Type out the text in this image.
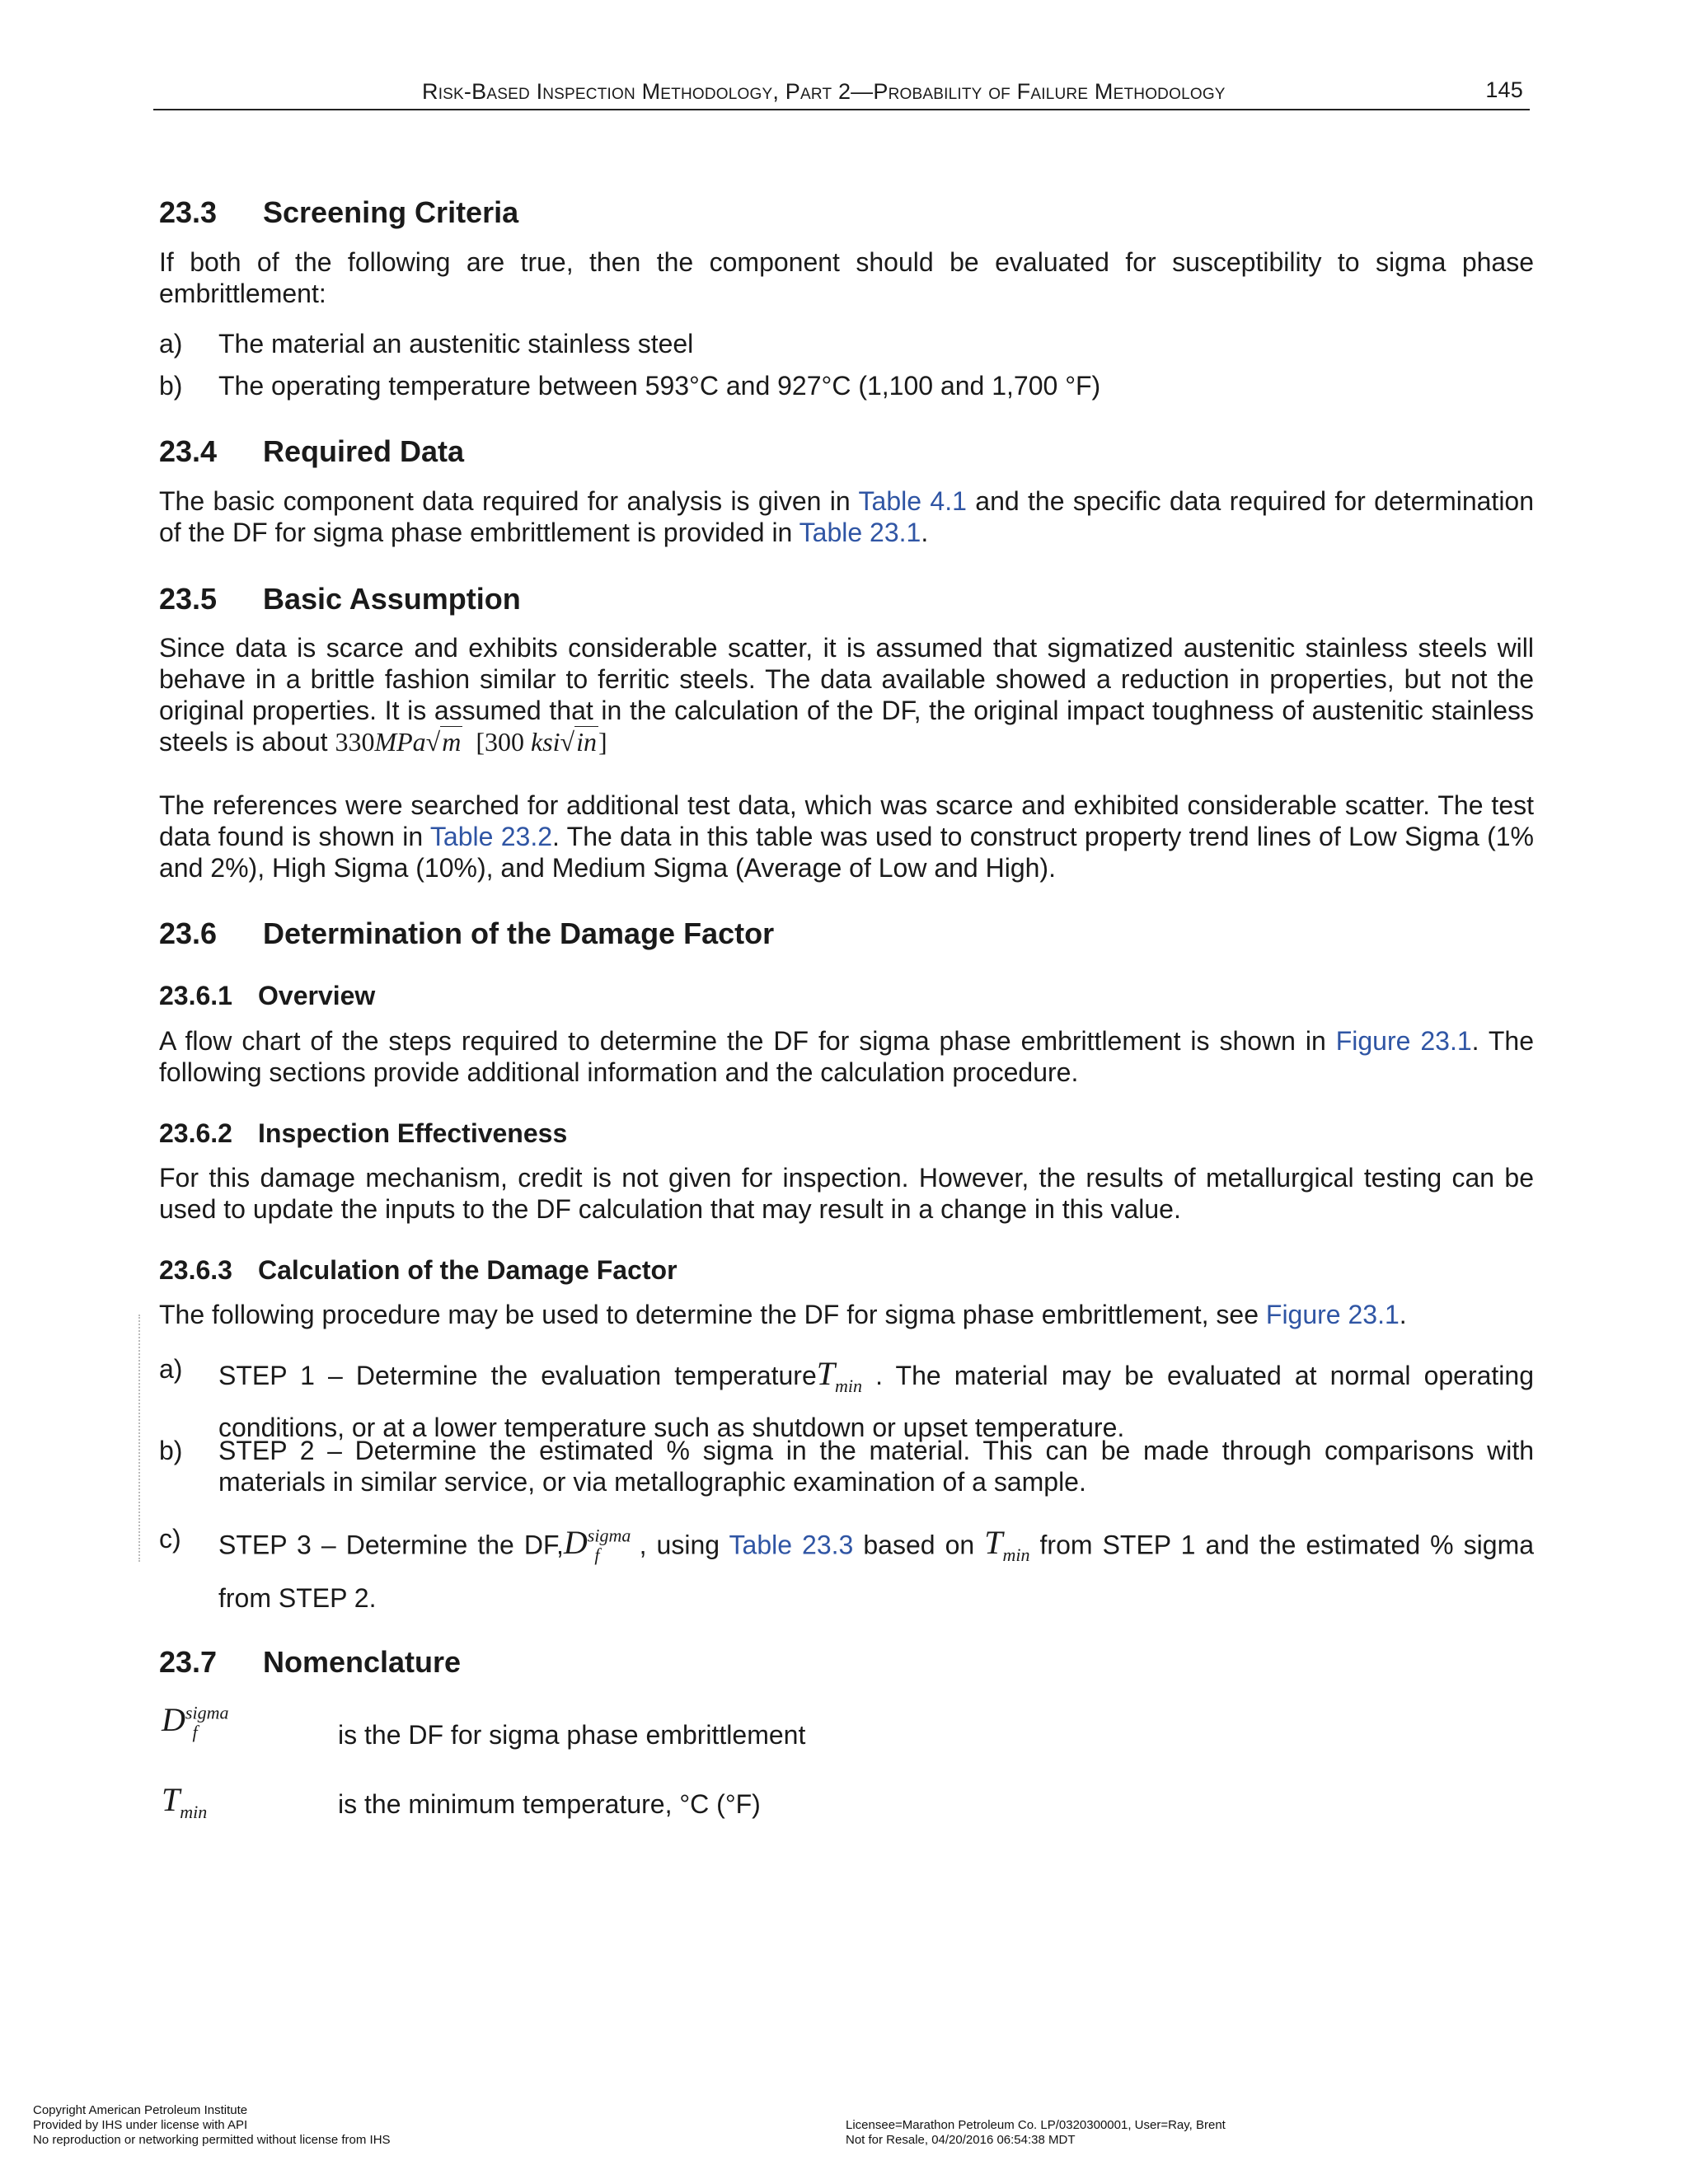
Risk-Based Inspection Methodology, Part 2—Probability of Failure Methodology	145
23.3 Screening Criteria
If both of the following are true, then the component should be evaluated for susceptibility to sigma phase embrittlement:
a) The material an austenitic stainless steel
b) The operating temperature between 593°C and 927°C (1,100 and 1,700 °F)
23.4 Required Data
The basic component data required for analysis is given in Table 4.1 and the specific data required for determination of the DF for sigma phase embrittlement is provided in Table 23.1.
23.5 Basic Assumption
Since data is scarce and exhibits considerable scatter, it is assumed that sigmatized austenitic stainless steels will behave in a brittle fashion similar to ferritic steels. The data available showed a reduction in properties, but not the original properties. It is assumed that in the calculation of the DF, the original impact toughness of austenitic stainless steels is about 330MPa√m [300 ksi√in]
The references were searched for additional test data, which was scarce and exhibited considerable scatter. The test data found is shown in Table 23.2. The data in this table was used to construct property trend lines of Low Sigma (1% and 2%), High Sigma (10%), and Medium Sigma (Average of Low and High).
23.6 Determination of the Damage Factor
23.6.1 Overview
A flow chart of the steps required to determine the DF for sigma phase embrittlement is shown in Figure 23.1. The following sections provide additional information and the calculation procedure.
23.6.2 Inspection Effectiveness
For this damage mechanism, credit is not given for inspection. However, the results of metallurgical testing can be used to update the inputs to the DF calculation that may result in a change in this value.
23.6.3 Calculation of the Damage Factor
The following procedure may be used to determine the DF for sigma phase embrittlement, see Figure 23.1.
a) STEP 1 – Determine the evaluation temperatureT$_{min}$ . The material may be evaluated at normal operating conditions, or at a lower temperature such as shutdown or upset temperature.
b) STEP 2 – Determine the estimated % sigma in the material. This can be made through comparisons with materials in similar service, or via metallographic examination of a sample.
c) STEP 3 – Determine the $DF,D^{sigma}_f$ , using Table 23.3 based on $T_{min}$ from STEP 1 and the estimated % sigma from STEP 2.
23.7 Nomenclature
$D^{sigma}_f$	is the DF for sigma phase embrittlement
$T_{min}$	is the minimum temperature, °C (°F)
Copyright American Petroleum Institute
Provided by IHS under license with API
No reproduction or networking permitted without license from IHS
Licensee=Marathon Petroleum Co. LP/0320300001, User=Ray, Brent
Not for Resale, 04/20/2016 06:54:38 MDT
